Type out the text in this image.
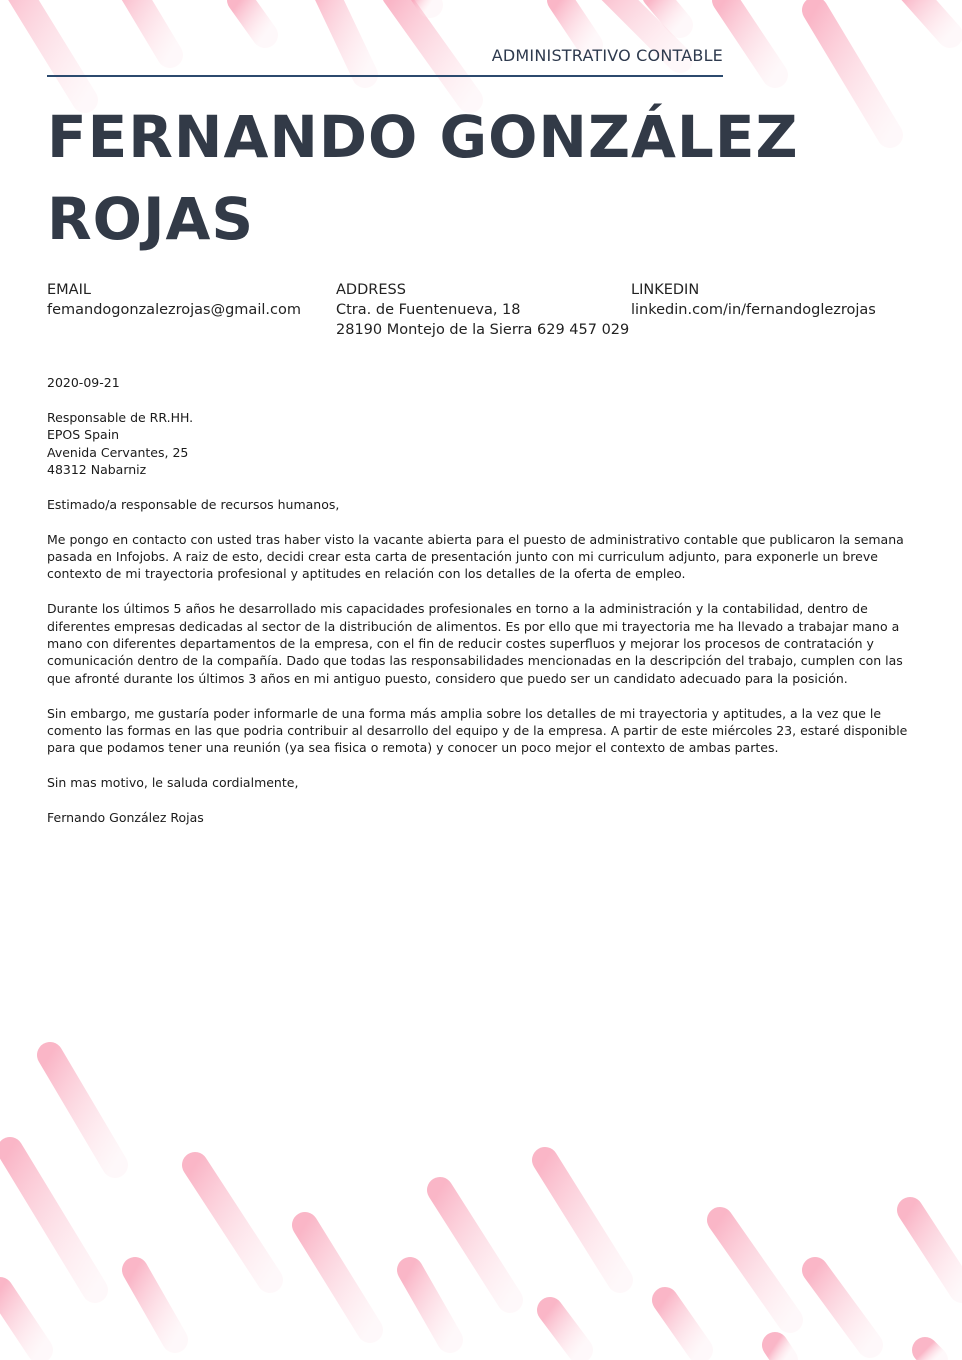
ADMINISTRATIVO CONTABLE
FERNANDO GONZÁLEZ
ROJAS
EMAIL
femandogonzalezrojas@gmail.com
ADDRESS
Ctra. de Fuentenueva, 18
28190 Montejo de la Sierra 629 457 029
LINKEDIN
linkedin.com/in/fernandoglezrojas

2020-09-21

Responsable de RR.HH.
EPOS Spain
Avenida Cervantes, 25
48312 Nabarniz

Estimado/a responsable de recursos humanos,

Me pongo en contacto con usted tras haber visto la vacante abierta para el puesto de administrativo contable que publicaron la semana pasada en Infojobs. A raiz de esto, decidi crear esta carta de presentación junto con mi curriculum adjunto, para exponerle un breve contexto de mi trayectoria profesional y aptitudes en relación con los detalles de la oferta de empleo.

Durante los últimos 5 años he desarrollado mis capacidades profesionales en torno a la administración y la contabilidad, dentro de diferentes empresas dedicadas al sector de la distribución de alimentos. Es por ello que mi trayectoria me ha llevado a trabajar mano a mano con diferentes departamentos de la empresa, con el fin de reducir costes superfluos y mejorar los procesos de contratación y comunicación dentro de la compañía. Dado que todas las responsabilidades mencionadas en la descripción del trabajo, cumplen con las que afronté durante los últimos 3 años en mi antiguo puesto, considero que puedo ser un candidato adecuado para la posición.

Sin embargo, me gustaría poder informarle de una forma más amplia sobre los detalles de mi trayectoria y aptitudes, a la vez que le comento las formas en las que podria contribuir al desarrollo del equipo y de la empresa. A partir de este miércoles 23, estaré disponible para que podamos tener una reunión (ya sea fisica o remota) y conocer un poco mejor el contexto de ambas partes.

Sin mas motivo, le saluda cordialmente,

Fernando González Rojas
